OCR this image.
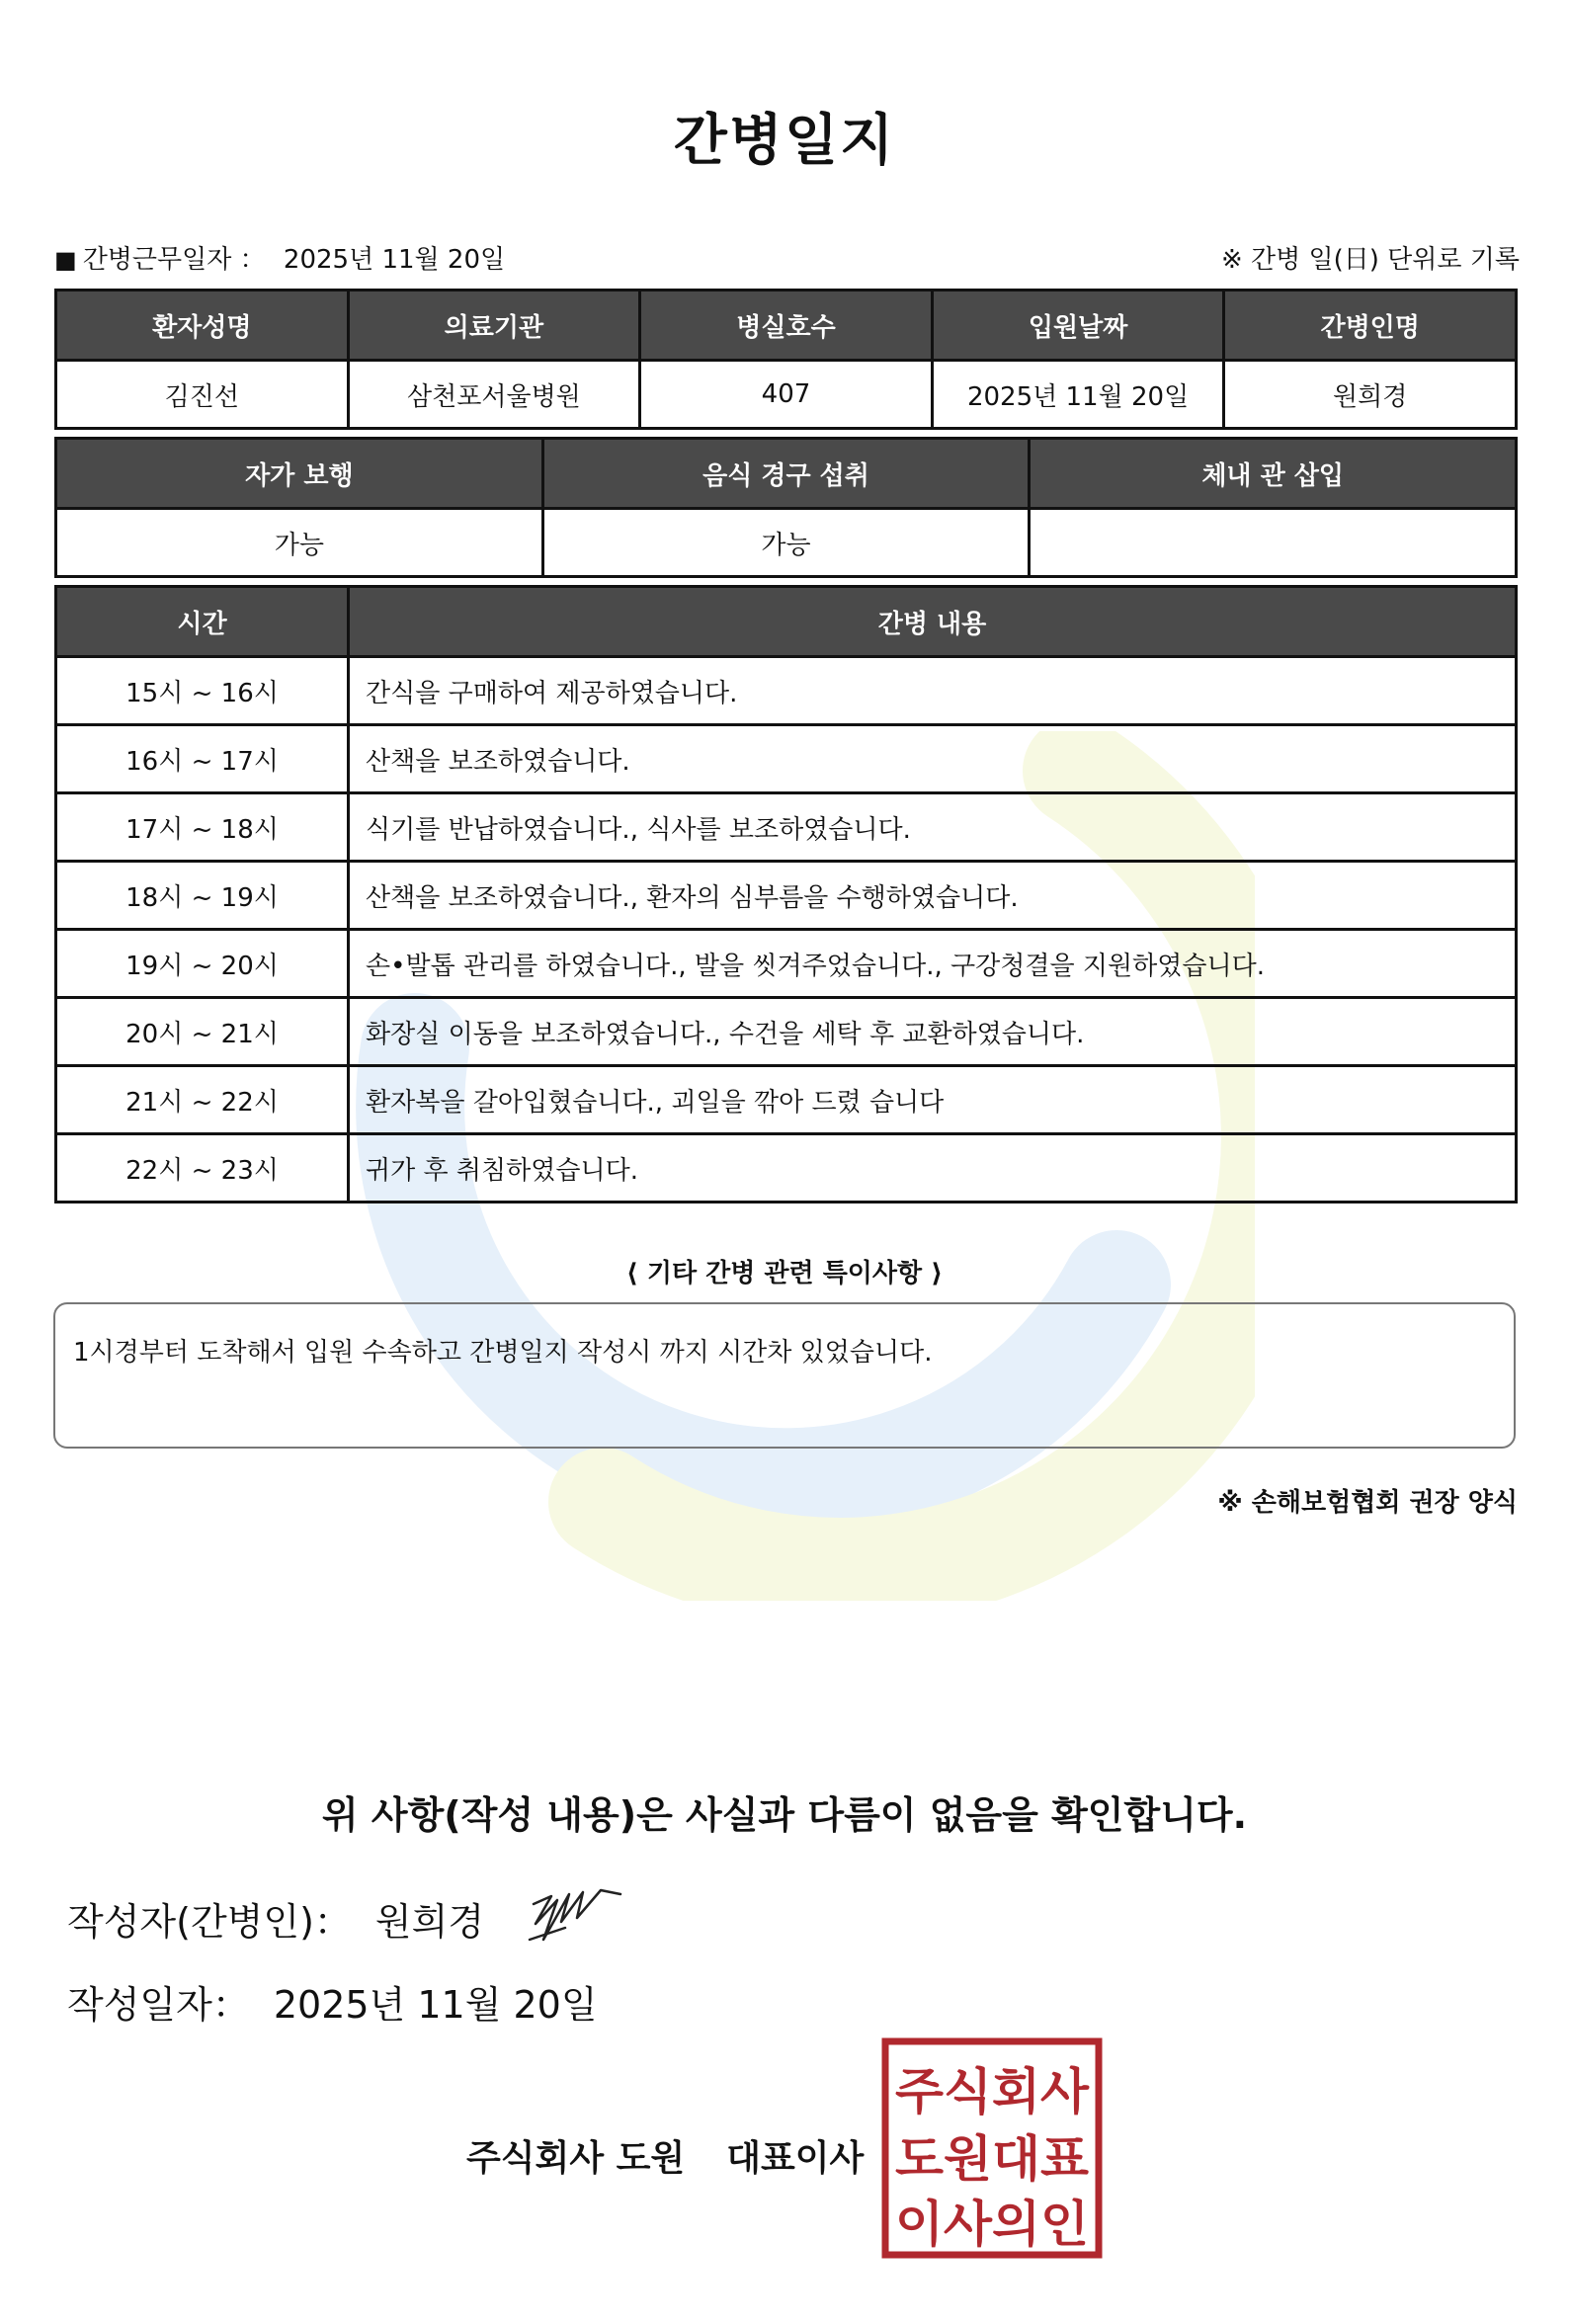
간병일지
■ 간병근무일자 ： 2025년 11월 20일	※ 간병 일(日) 단위로 기록
환자성명	의료기관	병실호수	입원날짜	간병인명
김진선	삼천포서울병원	407	2025년 11월 20일	원희경
자가 보행	음식 경구 섭취	체내 관 삽입
가능	가능	
시간	간병 내용
15시 ~ 16시	간식을 구매하여 제공하였습니다.
16시 ~ 17시	산책을 보조하였습니다.
17시 ~ 18시	식기를 반납하였습니다., 식사를 보조하였습니다.
18시 ~ 19시	산책을 보조하였습니다., 환자의 심부름을 수행하였습니다.
19시 ~ 20시	손•발톱 관리를 하였습니다., 발을 씻겨주었습니다., 구강청결을 지원하였습니다.
20시 ~ 21시	화장실 이동을 보조하였습니다., 수건을 세탁 후 교환하였습니다.
21시 ~ 22시	환자복을 갈아입혔습니다., 괴일을 깎아 드렸 습니다
22시 ~ 23시	귀가 후 취침하였습니다.
⟨ 기타 간병 관련 특이사항 ⟩
1시경부터 도착해서 입원 수속하고 간병일지 작성시 까지 시간차 있었습니다.
※ 손해보험협회 권장 양식
위 사항(작성 내용)은 사실과 다름이 없음을 확인합니다.
작성자(간병인)： 원희경
작성일자： 2025년 11월 20일
주식회사 도원 대표이사
주식회사
도원대표
이사의인
